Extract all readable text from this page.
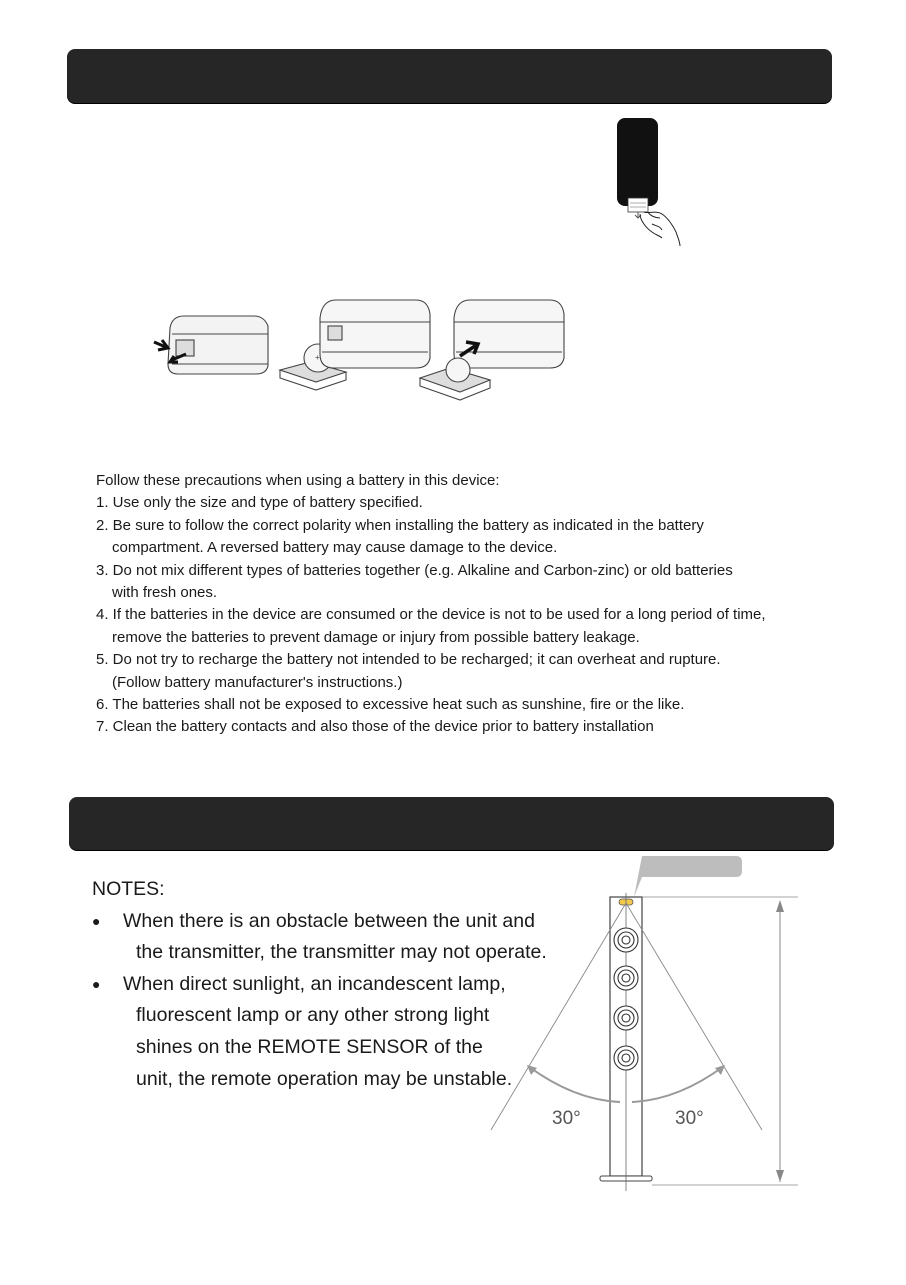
+

Follow these precautions when using a battery in this device:

1. Use only the size and type of battery specified.

2. Be sure to follow the correct polarity when installing the battery as indicated in the battery

compartment. A reversed battery may cause damage to the device.

3. Do not mix different types of batteries together (e.g. Alkaline and Carbon-zinc) or old batteries

with fresh ones.

4. If the batteries in the device are consumed or the device is not to be used for a long period of time,

remove the batteries to prevent damage or injury from possible battery leakage.

5. Do not try to recharge the battery not intended to be recharged; it can overheat and rupture.

(Follow battery manufacturer's instructions.)

6. The batteries shall not be exposed to excessive heat such as sunshine, fire or the like.

7. Clean the battery contacts and also those of the device prior to battery installation

NOTES:

● When there is an obstacle between the unit and

the transmitter, the transmitter may not operate.

● When direct sunlight, an incandescent lamp,

fluorescent lamp or any other strong light

shines on the REMOTE SENSOR of the

unit, the remote operation may be unstable.

30°	30°
